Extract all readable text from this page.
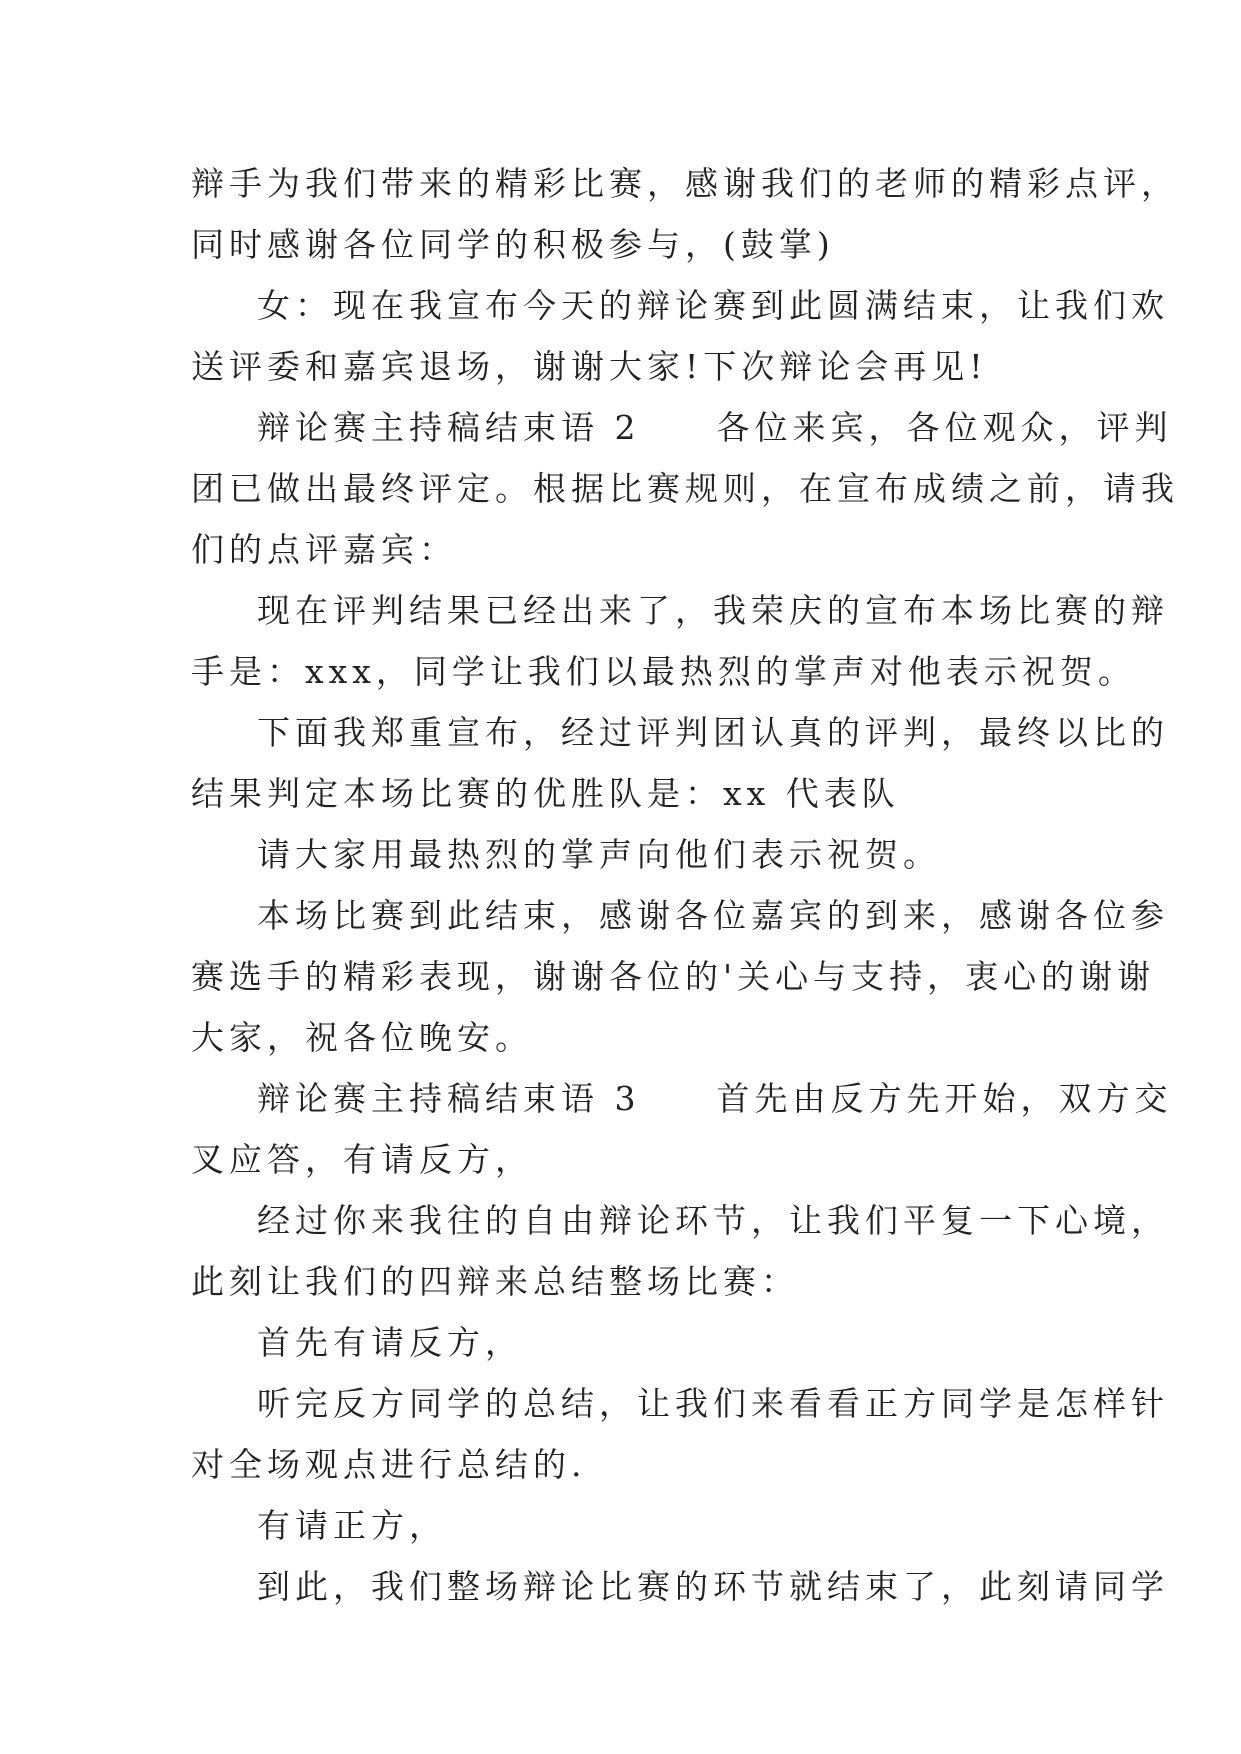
辩手为我们带来的精彩比赛，感谢我们的老师的精彩点评，
同时感谢各位同学的积极参与，(鼓掌)
女：现在我宣布今天的辩论赛到此圆满结束，让我们欢
送评委和嘉宾退场，谢谢大家!下次辩论会再见!
辩论赛主持稿结束语 2　　各位来宾，各位观众，评判
团已做出最终评定。根据比赛规则，在宣布成绩之前，请我
们的点评嘉宾：
现在评判结果已经出来了，我荣庆的宣布本场比赛的辩
手是：xxx，同学让我们以最热烈的掌声对他表示祝贺。
下面我郑重宣布，经过评判团认真的评判，最终以比的
结果判定本场比赛的优胜队是：xx 代表队
请大家用最热烈的掌声向他们表示祝贺。
本场比赛到此结束，感谢各位嘉宾的到来，感谢各位参
赛选手的精彩表现，谢谢各位的'关心与支持，衷心的谢谢
大家，祝各位晚安。
辩论赛主持稿结束语 3　　首先由反方先开始，双方交
叉应答，有请反方，
经过你来我往的自由辩论环节，让我们平复一下心境，
此刻让我们的四辩来总结整场比赛：
首先有请反方，
听完反方同学的总结，让我们来看看正方同学是怎样针
对全场观点进行总结的.
有请正方，
到此，我们整场辩论比赛的环节就结束了，此刻请同学
